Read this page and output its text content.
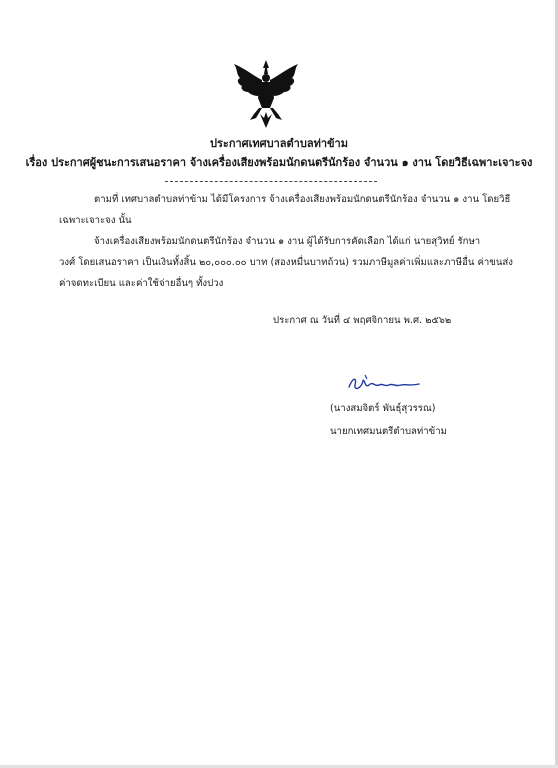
ประกาศเทศบาลตำบลท่าข้าม
เรื่อง ประกาศผู้ชนะการเสนอราคา จ้างเครื่องเสียงพร้อมนักดนตรีนักร้อง จำนวน ๑ งาน โดยวิธีเฉพาะเจาะจง
ตามที่ เทศบาลตำบลท่าข้าม ได้มีโครงการ จ้างเครื่องเสียงพร้อมนักดนตรีนักร้อง จำนวน ๑ งาน โดยวิธี
เฉพาะเจาะจง นั้น
จ้างเครื่องเสียงพร้อมนักดนตรีนักร้อง จำนวน ๑ งาน ผู้ได้รับการคัดเลือก ได้แก่ นายสุวิทย์ รักษา
วงศ์ โดยเสนอราคา เป็นเงินทั้งสิ้น ๒๐,๐๐๐.๐๐ บาท (สองหมื่นบาทถ้วน) รวมภาษีมูลค่าเพิ่มและภาษีอื่น ค่าขนส่ง
ค่าจดทะเบียน และค่าใช้จ่ายอื่นๆ ทั้งปวง
ประกาศ ณ วันที่ ๔ พฤศจิกายน พ.ศ. ๒๕๖๒
(นางสมจิตร์ พันธุ์สุวรรณ)
นายกเทศมนตรีตำบลท่าข้าม
